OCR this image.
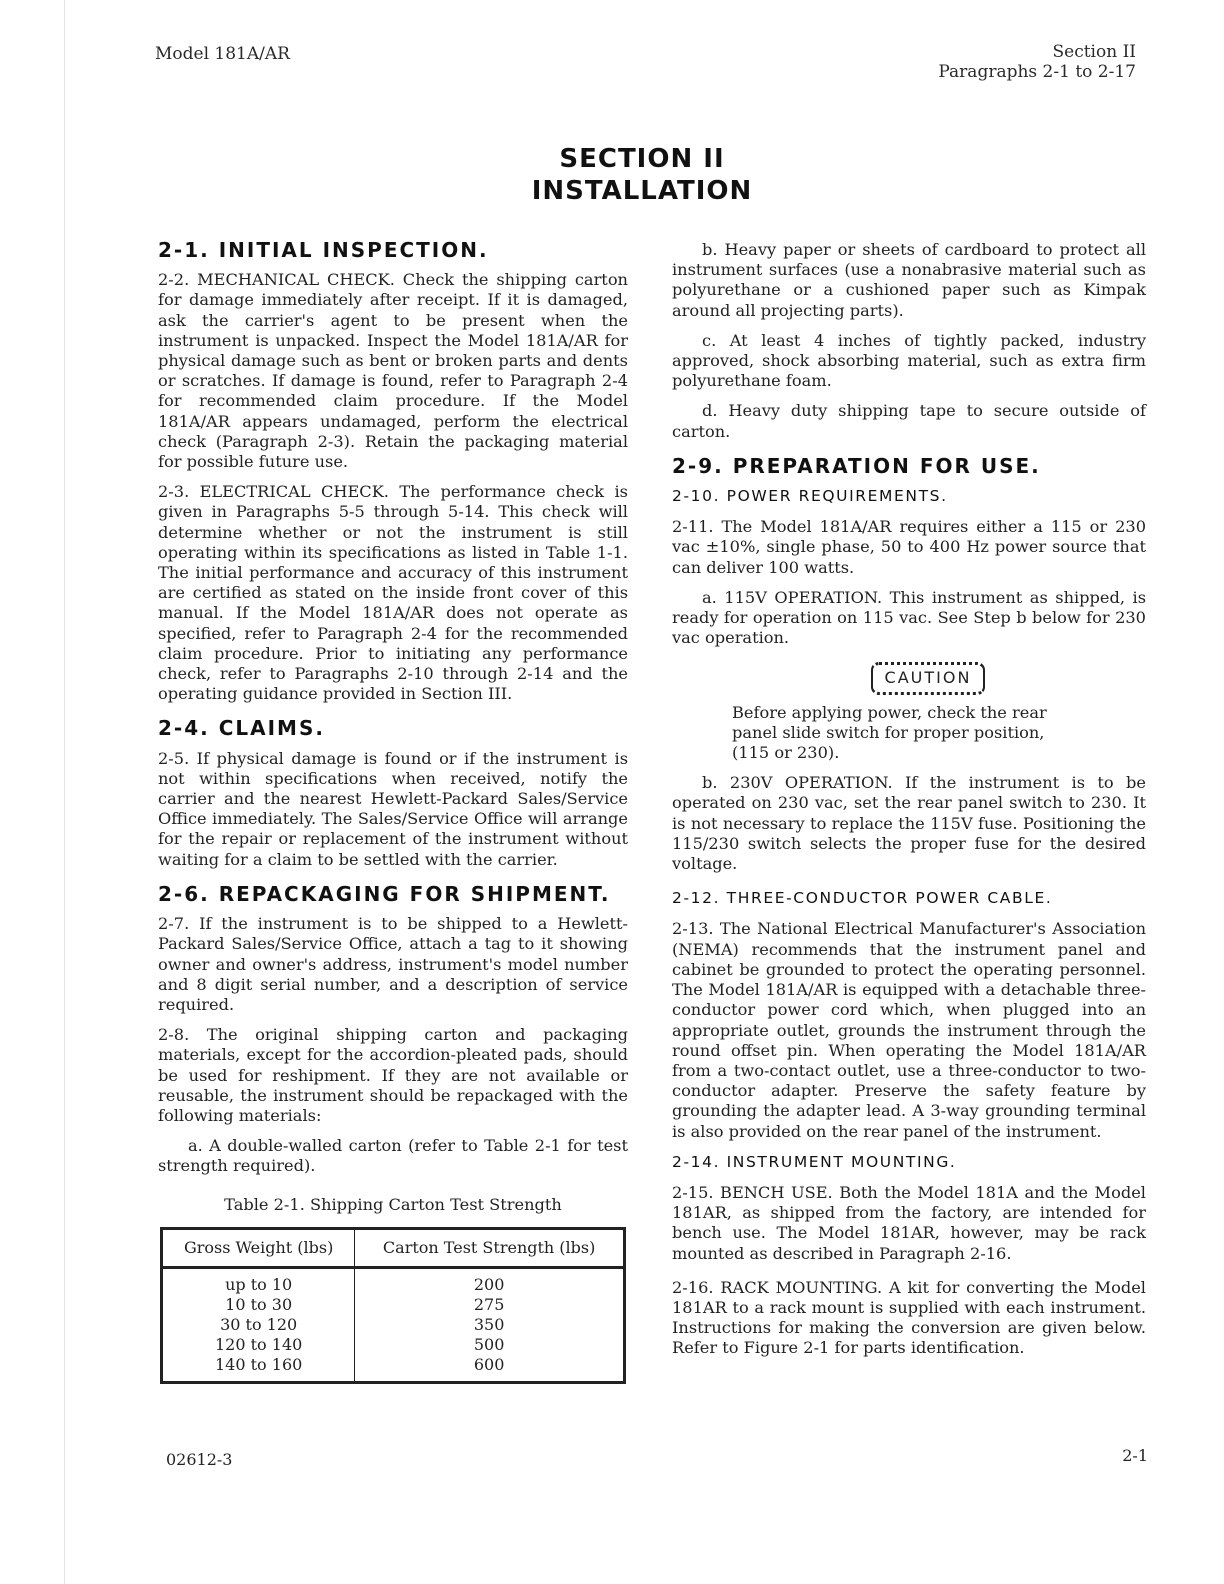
Model 181A/AR	Section II
Paragraphs 2-1 to 2-17
SECTION II
INSTALLATION
2-1. INITIAL INSPECTION.

2-2. MECHANICAL CHECK. Check the shipping carton for damage immediately after receipt. If it is damaged, ask the carrier's agent to be present when the instrument is unpacked. Inspect the Model 181A/AR for physical damage such as bent or broken parts and dents or scratches. If damage is found, refer to Paragraph 2-4 for recommended claim procedure. If the Model 181A/AR appears undamaged, perform the electrical check (Paragraph 2-3). Retain the packaging material for possible future use.

2-3. ELECTRICAL CHECK. The performance check is given in Paragraphs 5-5 through 5-14. This check will determine whether or not the instrument is still operating within its specifications as listed in Table 1-1. The initial performance and accuracy of this instrument are certified as stated on the inside front cover of this manual. If the Model 181A/AR does not operate as specified, refer to Paragraph 2-4 for the recommended claim procedure. Prior to initiating any performance check, refer to Paragraphs 2-10 through 2-14 and the operating guidance provided in Section III.

2-4. CLAIMS.

2-5. If physical damage is found or if the instrument is not within specifications when received, notify the carrier and the nearest Hewlett-Packard Sales/Service Office immediately. The Sales/Service Office will arrange for the repair or replacement of the instrument without waiting for a claim to be settled with the carrier.

2-6. REPACKAGING FOR SHIPMENT.

2-7. If the instrument is to be shipped to a Hewlett-Packard Sales/Service Office, attach a tag to it showing owner and owner's address, instrument's model number and 8 digit serial number, and a description of service required.

2-8. The original shipping carton and packaging materials, except for the accordion-pleated pads, should be used for reshipment. If they are not available or reusable, the instrument should be repackaged with the following materials:

a. A double-walled carton (refer to Table 2-1 for test strength required).

Table 2-1. Shipping Carton Test Strength
Gross Weight (lbs)	Carton Test Strength (lbs)
up to 10	200
10 to 30	275
30 to 120	350
120 to 140	500
140 to 160	600

b. Heavy paper or sheets of cardboard to protect all instrument surfaces (use a nonabrasive material such as polyurethane or a cushioned paper such as Kimpak around all projecting parts).

c. At least 4 inches of tightly packed, industry approved, shock absorbing material, such as extra firm polyurethane foam.

d. Heavy duty shipping tape to secure outside of carton.

2-9. PREPARATION FOR USE.
2-10. POWER REQUIREMENTS.

2-11. The Model 181A/AR requires either a 115 or 230 vac ±10%, single phase, 50 to 400 Hz power source that can deliver 100 watts.

a. 115V OPERATION. This instrument as shipped, is ready for operation on 115 vac. See Step b below for 230 vac operation.

CAUTION

Before applying power, check the rear panel slide switch for proper position, (115 or 230).

b. 230V OPERATION. If the instrument is to be operated on 230 vac, set the rear panel switch to 230. It is not necessary to replace the 115V fuse. Positioning the 115/230 switch selects the proper fuse for the desired voltage.

2-12. THREE-CONDUCTOR POWER CABLE.

2-13. The National Electrical Manufacturer's Association (NEMA) recommends that the instrument panel and cabinet be grounded to protect the operating personnel. The Model 181A/AR is equipped with a detachable three-conductor power cord which, when plugged into an appropriate outlet, grounds the instrument through the round offset pin. When operating the Model 181A/AR from a two-contact outlet, use a three-conductor to two-conductor adapter. Preserve the safety feature by grounding the adapter lead. A 3-way grounding terminal is also provided on the rear panel of the instrument.

2-14. INSTRUMENT MOUNTING.

2-15. BENCH USE. Both the Model 181A and the Model 181AR, as shipped from the factory, are intended for bench use. The Model 181AR, however, may be rack mounted as described in Paragraph 2-16.

2-16. RACK MOUNTING. A kit for converting the Model 181AR to a rack mount is supplied with each instrument. Instructions for making the conversion are given below. Refer to Figure 2-1 for parts identification.

02612-3	2-1
